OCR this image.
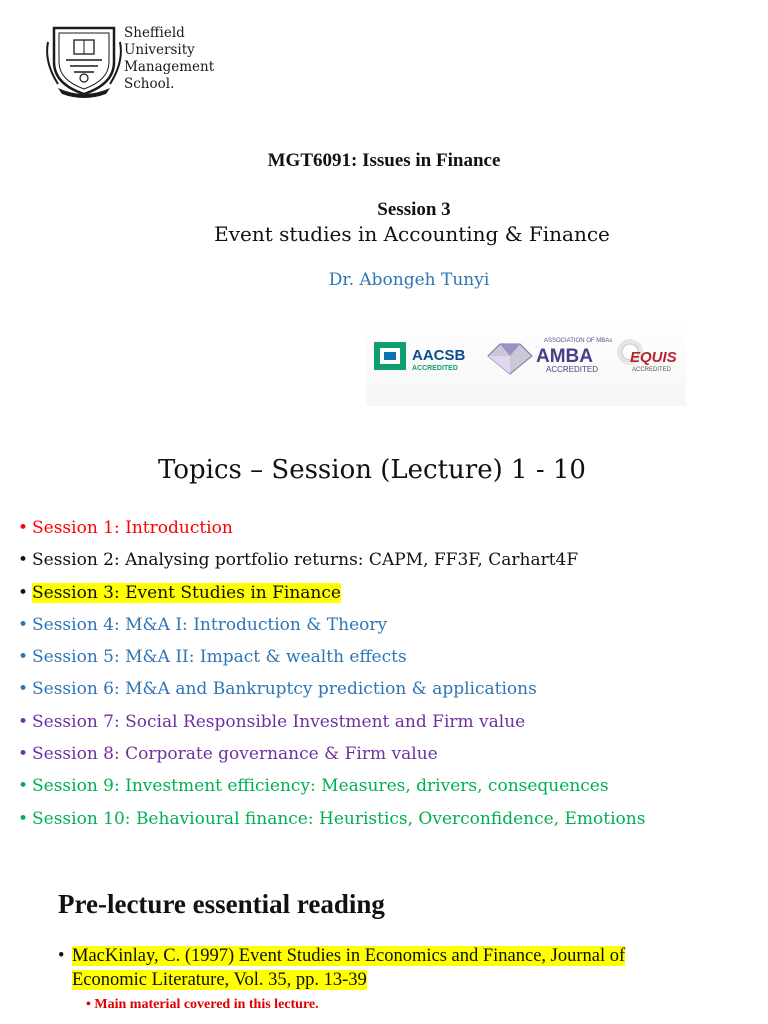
Sheffield
University
Management
School.
MGT6091: Issues in Finance
Session 3
Event studies in Accounting & Finance
Dr. Abongeh Tunyi
AACSB
ACCREDITED
ASSOCIATION OF MBAs
AMBA
ACCREDITED
EQUIS
ACCREDITED
Topics – Session (Lecture) 1 - 10
• Session 1: Introduction
• Session 2: Analysing portfolio returns: CAPM, FF3F, Carhart4F
• Session 3: Event Studies in Finance
• Session 4: M&A I: Introduction & Theory
• Session 5: M&A II: Impact & wealth effects
• Session 6: M&A and Bankruptcy prediction & applications
• Session 7: Social Responsible Investment and Firm value
• Session 8: Corporate governance & Firm value
• Session 9: Investment efficiency: Measures, drivers, consequences
• Session 10: Behavioural finance: Heuristics, Overconfidence, Emotions
Pre-lecture essential reading
• MacKinlay, C. (1997) Event Studies in Economics and Finance, Journal of
Economic Literature, Vol. 35, pp. 13-39
• Main material covered in this lecture.
